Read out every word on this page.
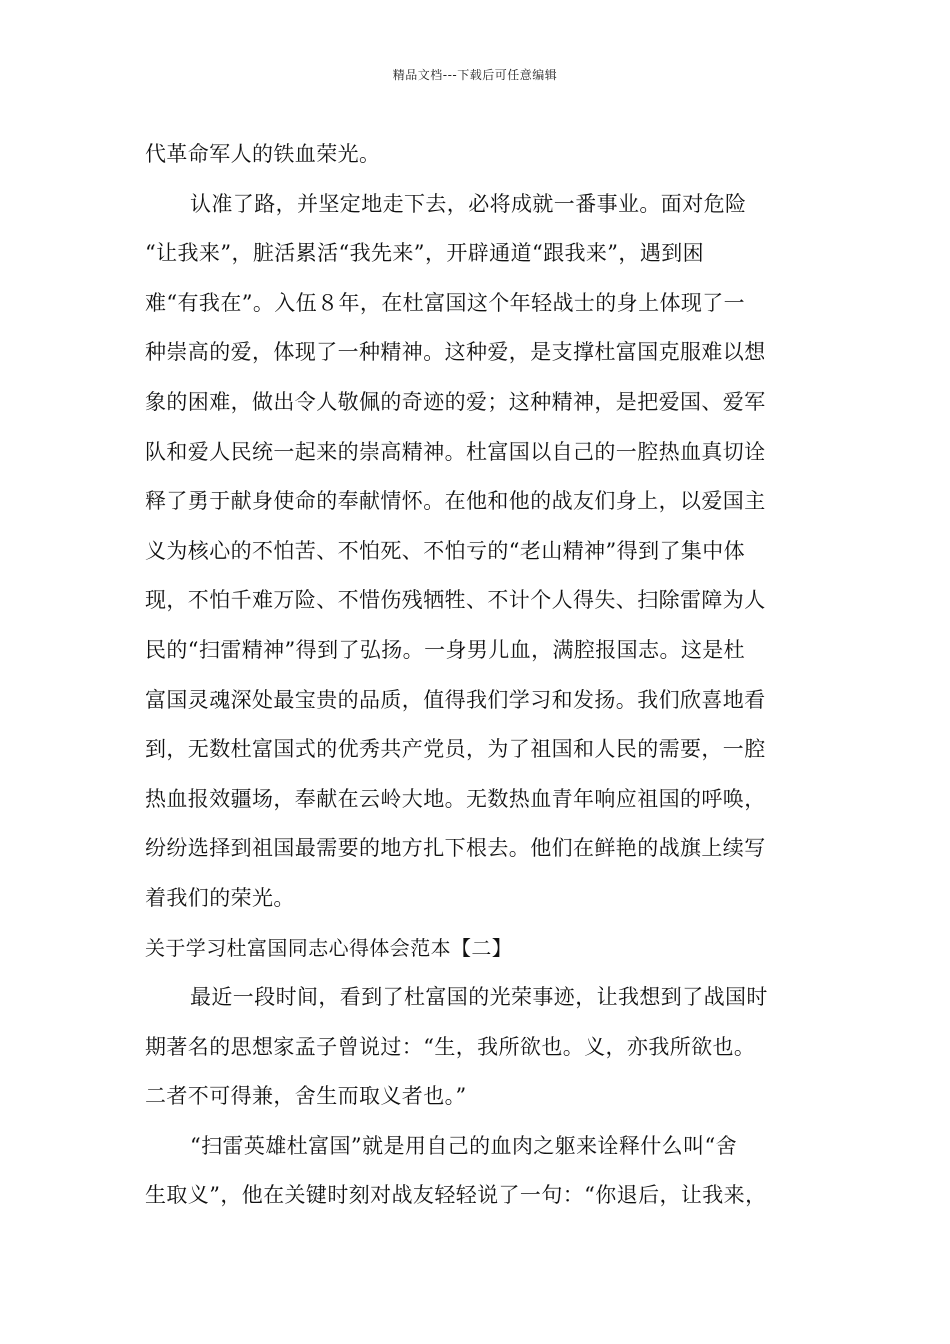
精品文档---下载后可任意编辑
代革命军人的铁血荣光。
认准了路，并坚定地走下去，必将成就一番事业。面对危险
“让我来”，脏活累活“我先来”，开辟通道“跟我来”，遇到困
难“有我在”。入伍８年，在杜富国这个年轻战士的身上体现了一
种崇高的爱，体现了一种精神。这种爱，是支撑杜富国克服难以想
象的困难，做出令人敬佩的奇迹的爱；这种精神，是把爱国、爱军
队和爱人民统一起来的崇高精神。杜富国以自己的一腔热血真切诠
释了勇于献身使命的奉献情怀。在他和他的战友们身上，以爱国主
义为核心的不怕苦、不怕死、不怕亏的“老山精神”得到了集中体
现，不怕千难万险、不惜伤残牺牲、不计个人得失、扫除雷障为人
民的“扫雷精神”得到了弘扬。一身男儿血，满腔报国志。这是杜
富国灵魂深处最宝贵的品质，值得我们学习和发扬。我们欣喜地看
到，无数杜富国式的优秀共产党员，为了祖国和人民的需要，一腔
热血报效疆场，奉献在云岭大地。无数热血青年响应祖国的呼唤，
纷纷选择到祖国最需要的地方扎下根去。他们在鲜艳的战旗上续写
着我们的荣光。
关于学习杜富国同志心得体会范本【二】
最近一段时间，看到了杜富国的光荣事迹，让我想到了战国时
期著名的思想家孟子曾说过：“生，我所欲也。义，亦我所欲也。
二者不可得兼，舍生而取义者也。”
“扫雷英雄杜富国”就是用自己的血肉之躯来诠释什么叫“舍
生取义”，他在关键时刻对战友轻轻说了一句：“你退后，让我来，
